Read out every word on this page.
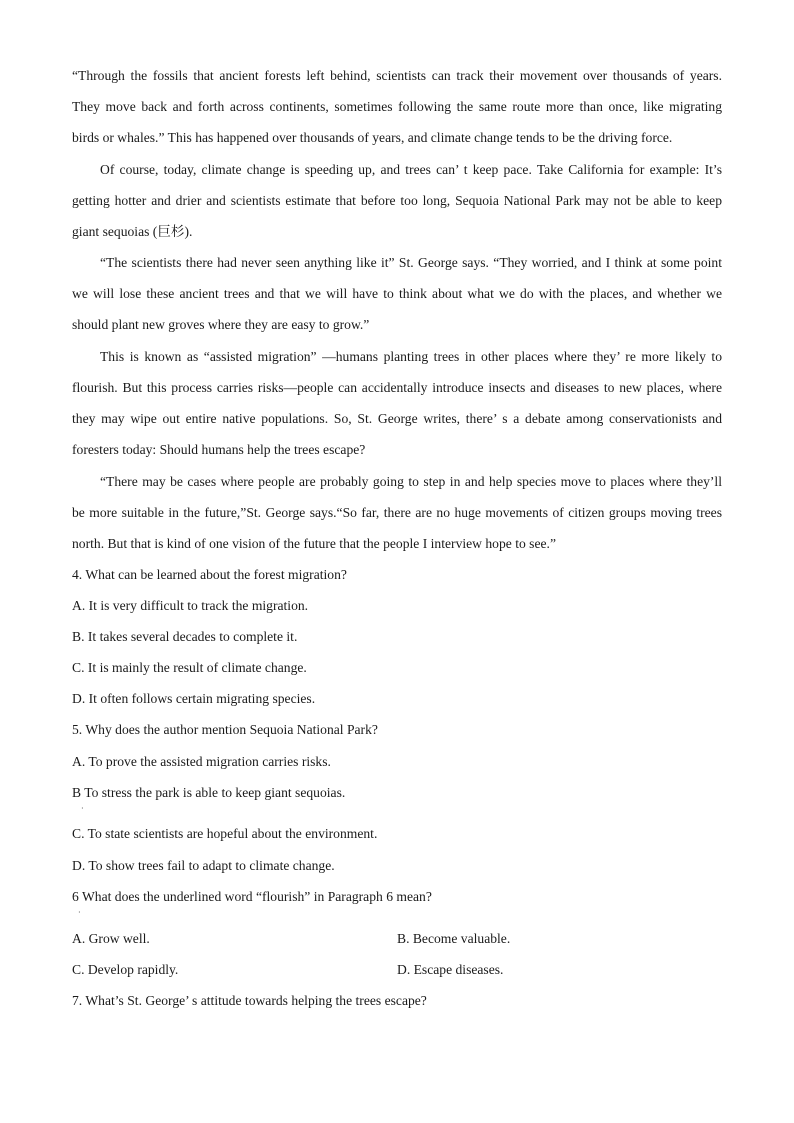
“Through the fossils that ancient forests left behind, scientists can track their movement over thousands of years.
They move back and forth across continents, sometimes following the same route more than once, like migrating
birds or whales.” This has happened over thousands of years, and climate change tends to be the driving force.
Of course, today, climate change is speeding up, and trees can’ t keep pace. Take California for example: It’s
getting hotter and drier and scientists estimate that before too long, Sequoia National Park may not be able to keep
giant sequoias (巨杉).
“The scientists there had never seen anything like it” St. George says. “They worried, and I think at some point
we will lose these ancient trees and that we will have to think about what we do with the places, and whether we
should plant new groves where they are easy to grow.”
This is known as “assisted migration” —humans planting trees in other places where they’ re more likely to
flourish. But this process carries risks—people can accidentally introduce insects and diseases to new places, where
they may wipe out entire native populations. So, St. George writes, there’ s a debate among conservationists and
foresters today: Should humans help the trees escape?
“There may be cases where people are probably going to step in and help species move to places where they’ll
be more suitable in the future,”St. George says.“So far, there are no huge movements of citizen groups moving trees
north. But that is kind of one vision of the future that the people I interview hope to see.”
4. What can be learned about the forest migration?
A. It is very difficult to track the migration.
B. It takes several decades to complete it.
C. It is mainly the result of climate change.
D. It often follows certain migrating species.
5. Why does the author mention Sequoia National Park?
A. To prove the assisted migration carries risks.
B To stress the park is able to keep giant sequoias.
·
C. To state scientists are hopeful about the environment.
D. To show trees fail to adapt to climate change.
6 What does the underlined word “flourish” in Paragraph 6 mean?
·
A. Grow well.	B. Become valuable.
C. Develop rapidly.	D. Escape diseases.
7. What’s St. George’ s attitude towards helping the trees escape?
